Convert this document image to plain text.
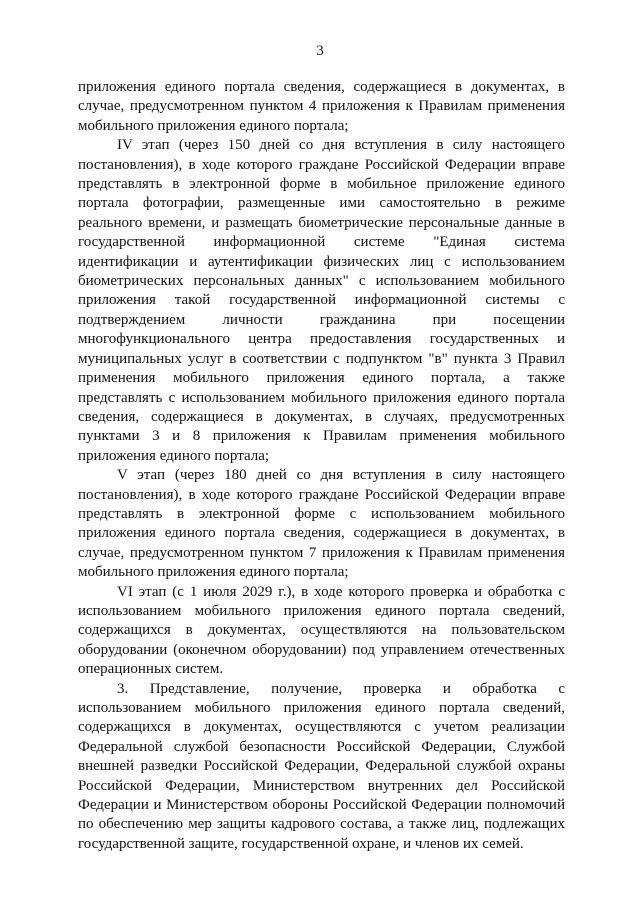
3

приложения единого портала сведения, содержащиеся в документах, в случае, предусмотренном пунктом 4 приложения к Правилам применения мобильного приложения единого портала;

IV этап (через 150 дней со дня вступления в силу настоящего постановления), в ходе которого граждане Российской Федерации вправе представлять в электронной форме в мобильное приложение единого портала фотографии, размещенные ими самостоятельно в режиме реального времени, и размещать биометрические персональные данные в государственной информационной системе "Единая система идентификации и аутентификации физических лиц с использованием биометрических персональных данных" с использованием мобильного приложения такой государственной информационной системы с подтверждением личности гражданина при посещении многофункционального центра предоставления государственных и муниципальных услуг в соответствии с подпунктом "в" пункта 3 Правил применения мобильного приложения единого портала, а также представлять с использованием мобильного приложения единого портала сведения, содержащиеся в документах, в случаях, предусмотренных пунктами 3 и 8 приложения к Правилам применения мобильного приложения единого портала;

V этап (через 180 дней со дня вступления в силу настоящего постановления), в ходе которого граждане Российской Федерации вправе представлять в электронной форме с использованием мобильного приложения единого портала сведения, содержащиеся в документах, в случае, предусмотренном пунктом 7 приложения к Правилам применения мобильного приложения единого портала;

VI этап (с 1 июля 2029 г.), в ходе которого проверка и обработка с использованием мобильного приложения единого портала сведений, содержащихся в документах, осуществляются на пользовательском оборудовании (оконечном оборудовании) под управлением отечественных операционных систем.

3. Представление, получение, проверка и обработка с использованием мобильного приложения единого портала сведений, содержащихся в документах, осуществляются с учетом реализации Федеральной службой безопасности Российской Федерации, Службой внешней разведки Российской Федерации, Федеральной службой охраны Российской Федерации, Министерством внутренних дел Российской Федерации и Министерством обороны Российской Федерации полномочий по обеспечению мер защиты кадрового состава, а также лиц, подлежащих государственной защите, государственной охране, и членов их семей.
